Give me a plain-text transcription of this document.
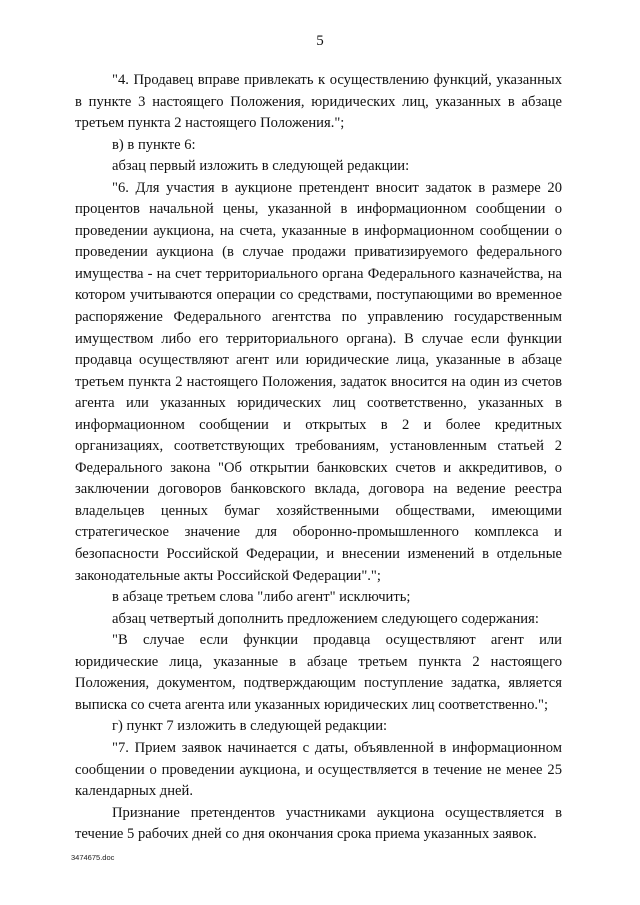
5

"4. Продавец вправе привлекать к осуществлению функций, указанных в пункте 3 настоящего Положения, юридических лиц, указанных в абзаце третьем пункта 2 настоящего Положения.";

в) в пункте 6:

абзац первый изложить в следующей редакции:

"6. Для участия в аукционе претендент вносит задаток в размере 20 процентов начальной цены, указанной в информационном сообщении о проведении аукциона, на счета, указанные в информационном сообщении о проведении аукциона (в случае продажи приватизируемого федерального имущества - на счет территориального органа Федерального казначейства, на котором учитываются операции со средствами, поступающими во временное распоряжение Федерального агентства по управлению государственным имуществом либо его территориального органа). В случае если функции продавца осуществляют агент или юридические лица, указанные в абзаце третьем пункта 2 настоящего Положения, задаток вносится на один из счетов агента или указанных юридических лиц соответственно, указанных в информационном сообщении и открытых в 2 и более кредитных организациях, соответствующих требованиям, установленным статьей 2 Федерального закона "Об открытии банковских счетов и аккредитивов, о заключении договоров банковского вклада, договора на ведение реестра владельцев ценных бумаг хозяйственными обществами, имеющими стратегическое значение для оборонно-промышленного комплекса и безопасности Российской Федерации, и внесении изменений в отдельные законодательные акты Российской Федерации".";

в абзаце третьем слова "либо агент" исключить;

абзац четвертый дополнить предложением следующего содержания:

"В случае если функции продавца осуществляют агент или юридические лица, указанные в абзаце третьем пункта 2 настоящего Положения, документом, подтверждающим поступление задатка, является выписка со счета агента или указанных юридических лиц соответственно.";

г) пункт 7 изложить в следующей редакции:

"7. Прием заявок начинается с даты, объявленной в информационном сообщении о проведении аукциона, и осуществляется в течение не менее 25 календарных дней.

Признание претендентов участниками аукциона осуществляется в течение 5 рабочих дней со дня окончания срока приема указанных заявок.

3474675.doc
